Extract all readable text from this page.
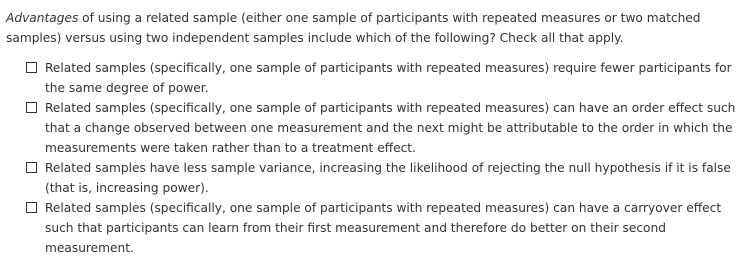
Advantages of using a related sample (either one sample of participants with repeated measures or two matched samples) versus using two independent samples include which of the following? Check all that apply.
Related samples (specifically, one sample of participants with repeated measures) require fewer participants for the same degree of power.
Related samples (specifically, one sample of participants with repeated measures) can have an order effect such that a change observed between one measurement and the next might be attributable to the order in which the measurements were taken rather than to a treatment effect.
Related samples have less sample variance, increasing the likelihood of rejecting the null hypothesis if it is false (that is, increasing power).
Related samples (specifically, one sample of participants with repeated measures) can have a carryover effect such that participants can learn from their first measurement and therefore do better on their second measurement.
